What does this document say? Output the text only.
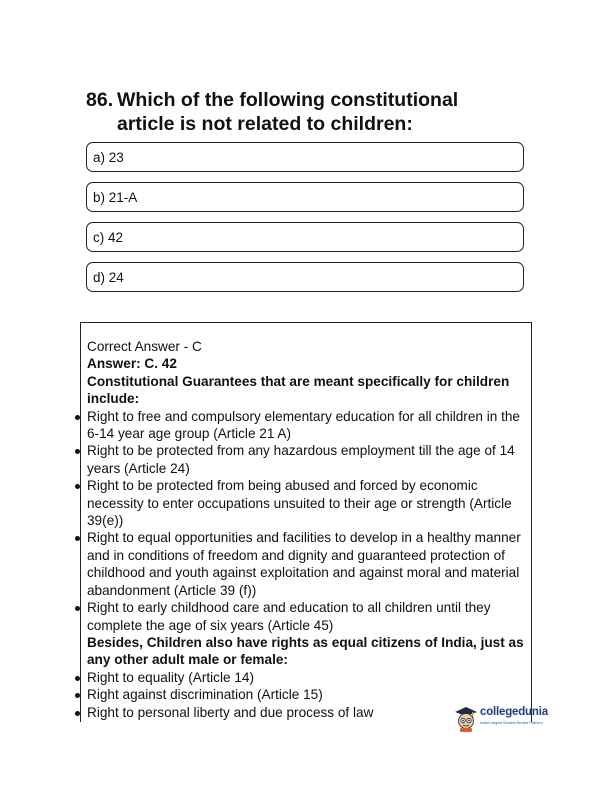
86. Which of the following constitutional
article is not related to children:
a) 23
b) 21-A
c) 42
d) 24

Correct Answer - C

Answer: C. 42

Constitutional Guarantees that are meant specifically for children include:

Right to free and compulsory elementary education for all children in the 6-14 year age group (Article 21 A)
Right to be protected from any hazardous employment till the age of 14 years (Article 24)
Right to be protected from being abused and forced by economic necessity to enter occupations unsuited to their age or strength (Article 39(e))
Right to equal opportunities and facilities to develop in a healthy manner and in conditions of freedom and dignity and guaranteed protection of childhood and youth against exploitation and against moral and material abandonment (Article 39 (f))
Right to early childhood care and education to all children until they complete the age of six years (Article 45)

Besides, Children also have rights as equal citizens of India, just as any other adult male or female:

Right to equality (Article 14)
Right against discrimination (Article 15)
Right to personal liberty and due process of law	collegedunia
India's largest Student Review Platform
